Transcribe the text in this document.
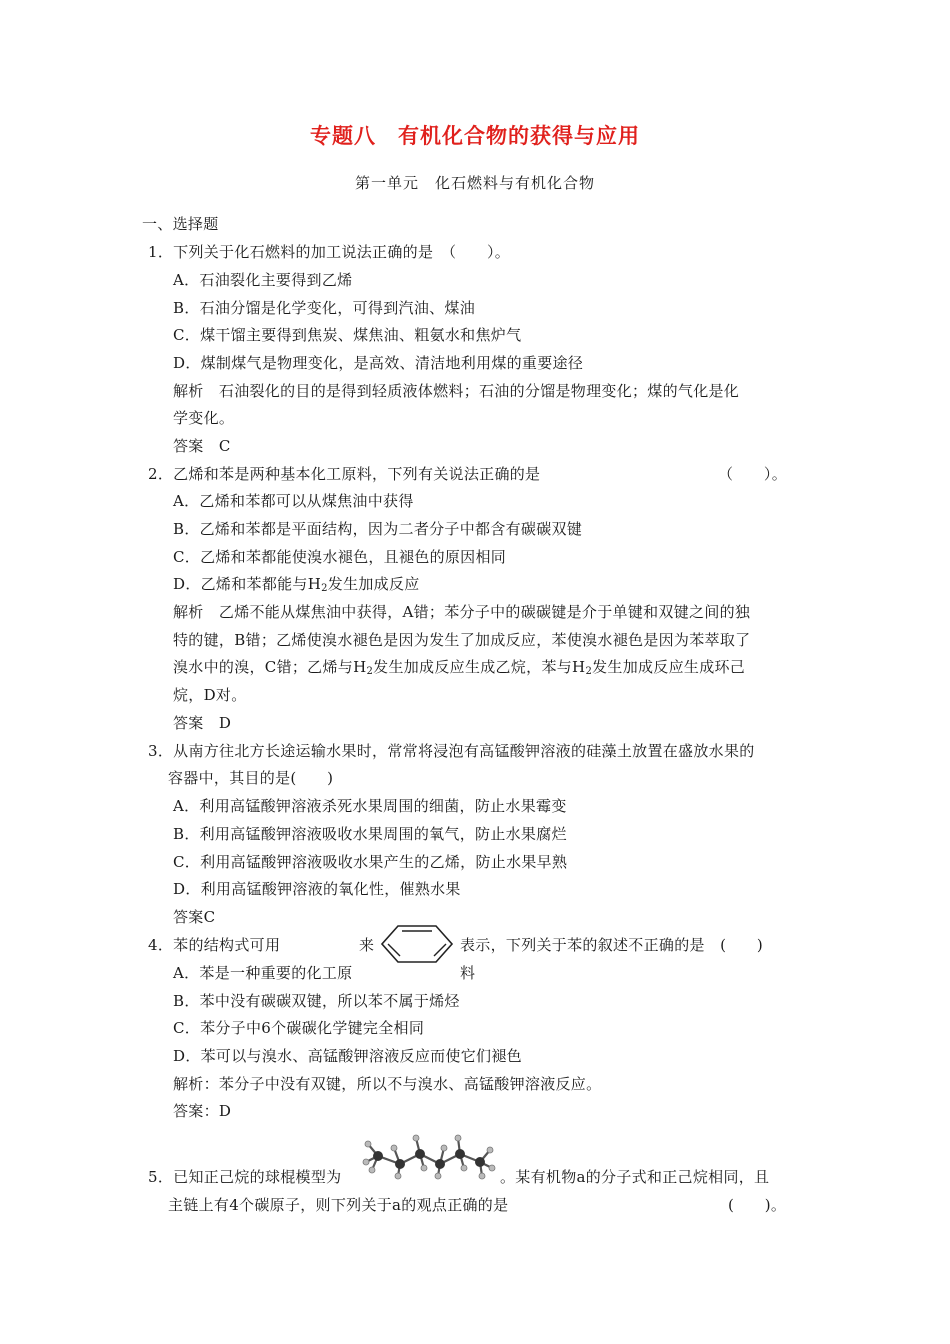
专题八　有机化合物的获得与应用
第一单元　化石燃料与有机化合物
一、选择题
1．下列关于化石燃料的加工说法正确的是　（　　）。
A．石油裂化主要得到乙烯
B．石油分馏是化学变化，可得到汽油、煤油
C．煤干馏主要得到焦炭、煤焦油、粗氨水和焦炉气
D．煤制煤气是物理变化，是高效、清洁地利用煤的重要途径
解析　石油裂化的目的是得到轻质液体燃料；石油的分馏是物理变化；煤的气化是化
学变化。
答案　C
2．乙烯和苯是两种基本化工原料，下列有关说法正确的是	（　　）。
A．乙烯和苯都可以从煤焦油中获得
B．乙烯和苯都是平面结构，因为二者分子中都含有碳碳双键
C．乙烯和苯都能使溴水褪色，且褪色的原因相同
D．乙烯和苯都能与$H_2$发生加成反应
解析　乙烯不能从煤焦油中获得，A错；苯分子中的碳碳键是介于单键和双键之间的独
特的键，B错；乙烯使溴水褪色是因为发生了加成反应，苯使溴水褪色是因为苯萃取了
溴水中的溴，C错；乙烯与$H_2$发生加成反应生成乙烷，苯与$H_2$发生加成反应生成环己
烷，D对。
答案　D
3．从南方往北方长途运输水果时，常常将浸泡有高锰酸钾溶液的硅藻土放置在盛放水果的
容器中，其目的是(　　)
A．利用高锰酸钾溶液杀死水果周围的细菌，防止水果霉变
B．利用高锰酸钾溶液吸收水果周围的氧气，防止水果腐烂
C．利用高锰酸钾溶液吸收水果产生的乙烯，防止水果早熟
D．利用高锰酸钾溶液的氧化性，催熟水果
答案C
4．苯的结构式可用	来	表示，下列关于苯的叙述不正确的是　(　　)
A．苯是一种重要的化工原	料
B．苯中没有碳碳双键，所以苯不属于烯烃
C．苯分子中6个碳碳化学键完全相同
D．苯可以与溴水、高锰酸钾溶液反应而使它们褪色
解析：苯分子中没有双键，所以不与溴水、高锰酸钾溶液反应。
答案：D
5．已知正己烷的球棍模型为	。某有机物a的分子式和正己烷相同，且
主链上有4个碳原子，则下列关于a的观点正确的是	(　　)。
